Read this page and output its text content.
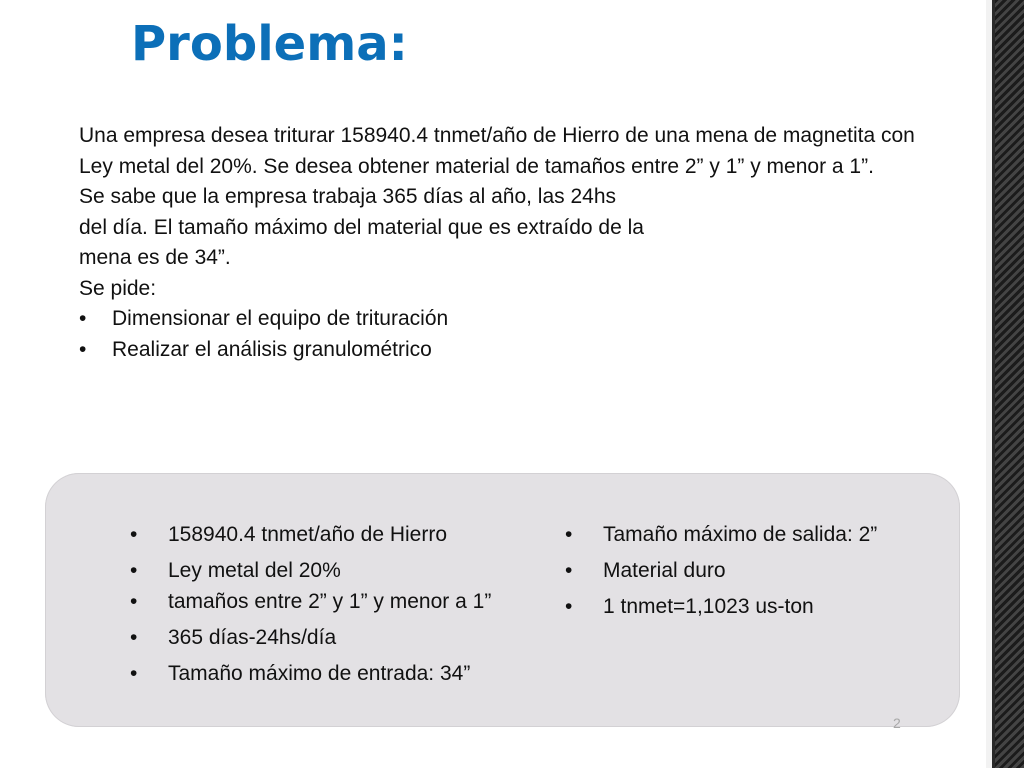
Problema:

Una empresa desea triturar 158940.4 tnmet/año de Hierro de una mena de magnetita con Ley metal del 20%. Se desea obtener material de tamaños entre 2” y 1” y menor a 1”.

Se sabe que la empresa trabaja 365 días al año, las 24hs

del día. El tamaño máximo del material que es extraído de la

mena es de 34”.

Se pide:

• Dimensionar el equipo de trituración
• Realizar el análisis granulométrico
• 158940.4 tnmet/año de Hierro
• Ley metal del 20%
• tamaños entre 2” y 1” y menor a 1”
• 365 días-24hs/día
• Tamaño máximo de entrada: 34”
• Tamaño máximo de salida: 2”
• Material duro
• 1 tnmet=1,1023 us-ton
2
